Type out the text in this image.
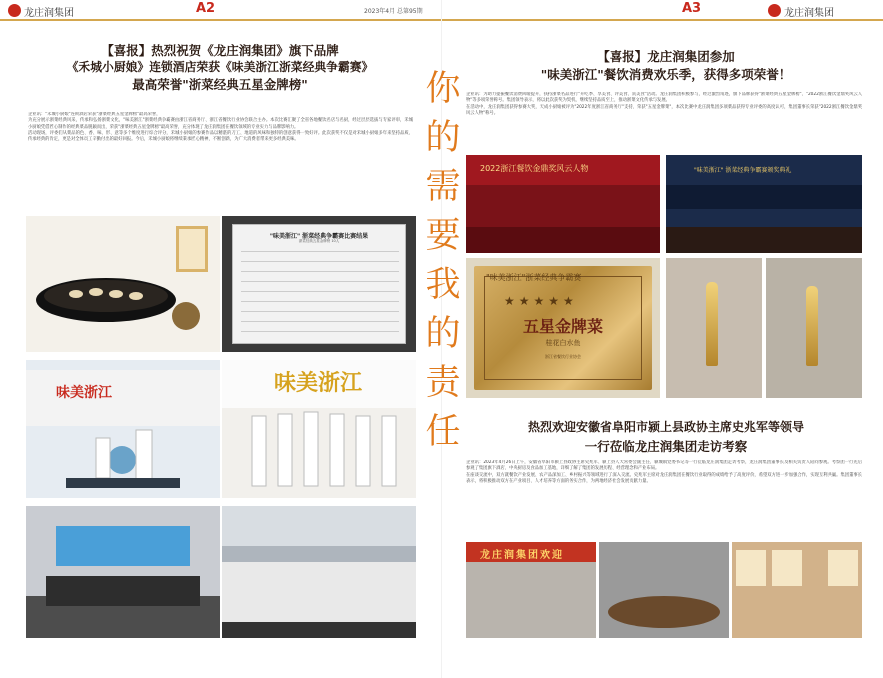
龙庄润集团	A2	2023年4月 总第95期	A3	龙庄润集团
【喜报】热烈祝贺《龙庄润集团》旗下品牌
《禾城小厨娘》连锁酒店荣获《味美浙江浙菜经典争霸赛》
最高荣誉"浙菜经典五星金牌榜"

企业讯："禾城小厨娘"连锁酒店荣获"浙菜经典五星金牌榜"最高荣誉，

为充分展示浙菜经典风采，传承和弘扬浙菜文化，"味美浙江"浙菜经典争霸赛由浙江省商务厅、浙江省餐饮行业协会联合主办。本次比赛汇聚了全省各地餐饮名店与名厨，经过层层选拔与专家评审，禾城小厨娘凭借匠心制作的经典菜品脱颖而出，荣获"浙菜经典五星金牌榜"最高荣誉，充分体现了龙庄润集团在餐饮领域的专业实力与品牌影响力。

活动现场，评委们从菜品的色、香、味、形、意等多个维度进行综合评分，禾城小厨娘的参赛作品以精湛的刀工、地道的风味和独特的创意获得一致好评。此次获奖不仅是对禾城小厨娘多年来坚持品质、传承经典的肯定，更是对全体员工辛勤付出的最好回报。今后，禾城小厨娘将继续秉承匠心精神，不断创新，为广大消费者带来更多经典美味。

"味美浙江" 浙菜经典争霸赛比赛结果
浙菜经典五星金牌榜 10人
味美浙江	味美浙江
你
的
需
要
我
的
责
任
【喜报】龙庄润集团参加
"味美浙江"餐饮消费欢乐季，获得多项荣誉！

企业讯：为助力提振餐饮消费回暖提升，扶持浙菜名品进行"开吃季、享美食、评美食、赏美食"活动。龙庄润集团积极参与，经过激烈角逐，旗下品牌获得"浙菜经典五星金牌榜"、"2022浙江餐饮金鼎奖风云人物"等多项荣誉称号。集团领导表示，将以此次获奖为契机，继续坚持品质至上，推动浙菜文化传承与发展。

在活动中，龙庄润集团获得参赛大奖，天成小厨娘被评为"2022年度浙江省商务厅"支持、荣获"五星金牌菜"，本次比赛中龙庄润集团多项菜品获得专业评委的高度认可，集团董事长荣获"2022浙江餐饮金鼎奖风云人物"称号。

2022浙江餐饮金鼎奖风云人物	"味美浙江" 浙菜经典争霸赛颁奖典礼
"味美浙江"浙菜经典争霸赛
★★★★★
五星金牌菜
桂花白水鱼
浙江省餐饮行业协会
热烈欢迎安徽省阜阳市颍上县政协主席史兆军等领导
一行莅临龙庄润集团走访考察

企业讯：2023年4月26日上午，安徽省阜阳市颍上县政协主席史兆军、颍上县人大常委会副主任、颍城镇党委书记等一行莅临龙庄润集团走访考察，龙庄润集团董事长及相关负责人陪同参观。考察团一行先后参观了集团旗下酒店、中央厨房及食品加工基地，详细了解了集团的发展历程、经营理念和产业布局。

在座谈交流中，双方就餐饮产业发展、农产品深加工、乡村振兴等领域进行了深入交流。史兆军主席对龙庄润集团在餐饮行业取得的成绩给予了高度评价，希望双方进一步加强合作，实现互利共赢。集团董事长表示，将积极推动双方在产业项目、人才培养等方面的务实合作，为两地经济社会发展贡献力量。

龙庄润集团欢迎
